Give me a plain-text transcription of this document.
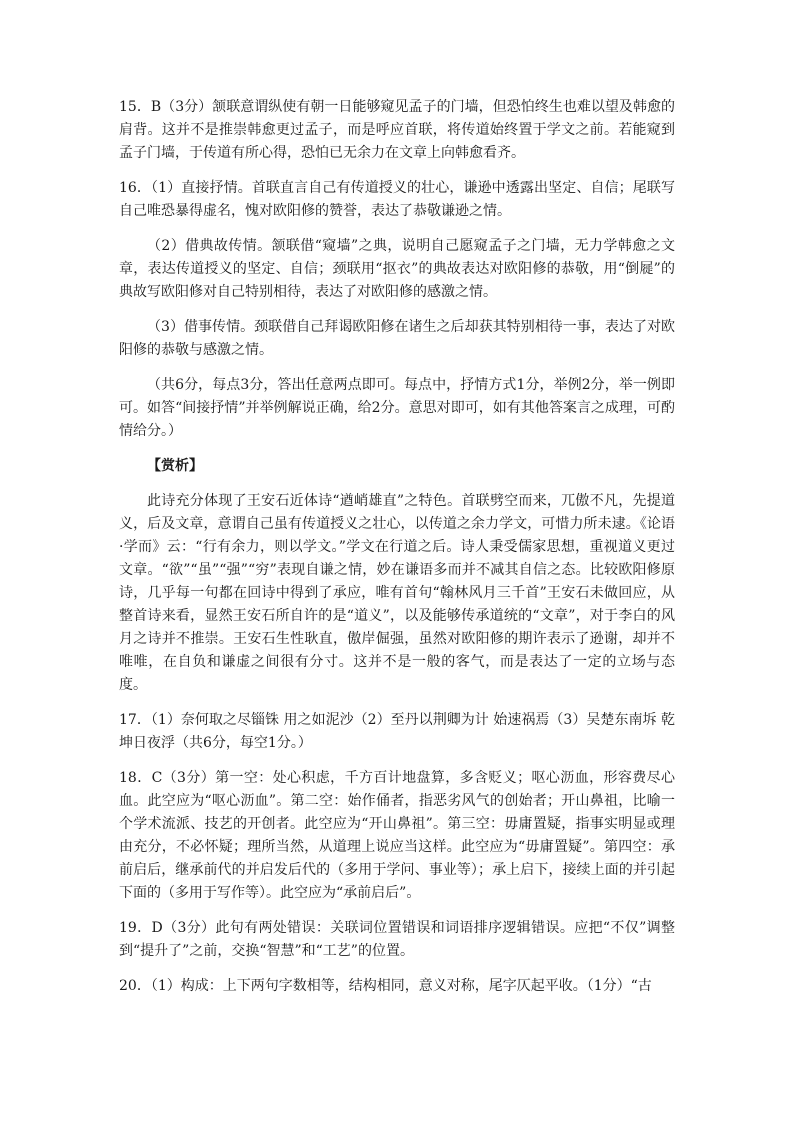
15．B（3分）颔联意谓纵使有朝一日能够窥见孟子的门墙，但恐怕终生也难以望及韩愈的肩背。这并不是推崇韩愈更过孟子，而是呼应首联，将传道始终置于学文之前。若能窥到孟子门墙，于传道有所心得，恐怕已无余力在文章上向韩愈看齐。

16．（1）直接抒情。首联直言自己有传道授义的壮心，谦逊中透露出坚定、自信；尾联写自己唯恐暴得虚名，愧对欧阳修的赞誉，表达了恭敬谦逊之情。

（2）借典故传情。颔联借“窥墙”之典，说明自己愿窥孟子之门墙，无力学韩愈之文章，表达传道授义的坚定、自信；颈联用“抠衣”的典故表达对欧阳修的恭敬，用“倒屣”的典故写欧阳修对自己特别相待，表达了对欧阳修的感激之情。

（3）借事传情。颈联借自己拜谒欧阳修在诸生之后却获其特别相待一事，表达了对欧阳修的恭敬与感激之情。

（共6分，每点3分，答出任意两点即可。每点中，抒情方式1分，举例2分，举一例即可。如答“间接抒情”并举例解说正确，给2分。意思对即可，如有其他答案言之成理，可酌情给分。）

【赏析】

此诗充分体现了王安石近体诗“遒峭雄直”之特色。首联劈空而来，兀傲不凡，先提道义，后及文章，意谓自己虽有传道授义之壮心，以传道之余力学文，可惜力所未逮。《论语·学而》云：“行有余力，则以学文。”学文在行道之后。诗人秉受儒家思想，重视道义更过文章。“欲”“虽”“强”“穷”表现自谦之情，妙在谦语多而并不减其自信之态。比较欧阳修原诗，几乎每一句都在回诗中得到了承应，唯有首句“翰林风月三千首”王安石未做回应，从整首诗来看，显然王安石所自许的是“道义”，以及能够传承道统的“文章”，对于李白的风月之诗并不推崇。王安石生性耿直，傲岸倔强，虽然对欧阳修的期许表示了逊谢，却并不唯唯，在自负和谦虚之间很有分寸。这并不是一般的客气，而是表达了一定的立场与态度。

17．（1）奈何取之尽锱铢 用之如泥沙（2）至丹以荆卿为计 始速祸焉（3）吴楚东南坼 乾坤日夜浮（共6分，每空1分。）

18．C（3分）第一空：处心积虑，千方百计地盘算，多含贬义；呕心沥血，形容费尽心血。此空应为“呕心沥血”。第二空：始作俑者，指恶劣风气的创始者；开山鼻祖，比喻一个学术流派、技艺的开创者。此空应为“开山鼻祖”。第三空：毋庸置疑，指事实明显或理由充分，不必怀疑；理所当然，从道理上说应当这样。此空应为“毋庸置疑”。第四空：承前启后，继承前代的并启发后代的（多用于学问、事业等）；承上启下，接续上面的并引起下面的（多用于写作等）。此空应为“承前启后”。

19．D（3分）此句有两处错误：关联词位置错误和词语排序逻辑错误。应把“不仅”调整到“提升了”之前，交换“智慧”和“工艺”的位置。

20．（1）构成：上下两句字数相等，结构相同，意义对称，尾字仄起平收。（1分）“古
